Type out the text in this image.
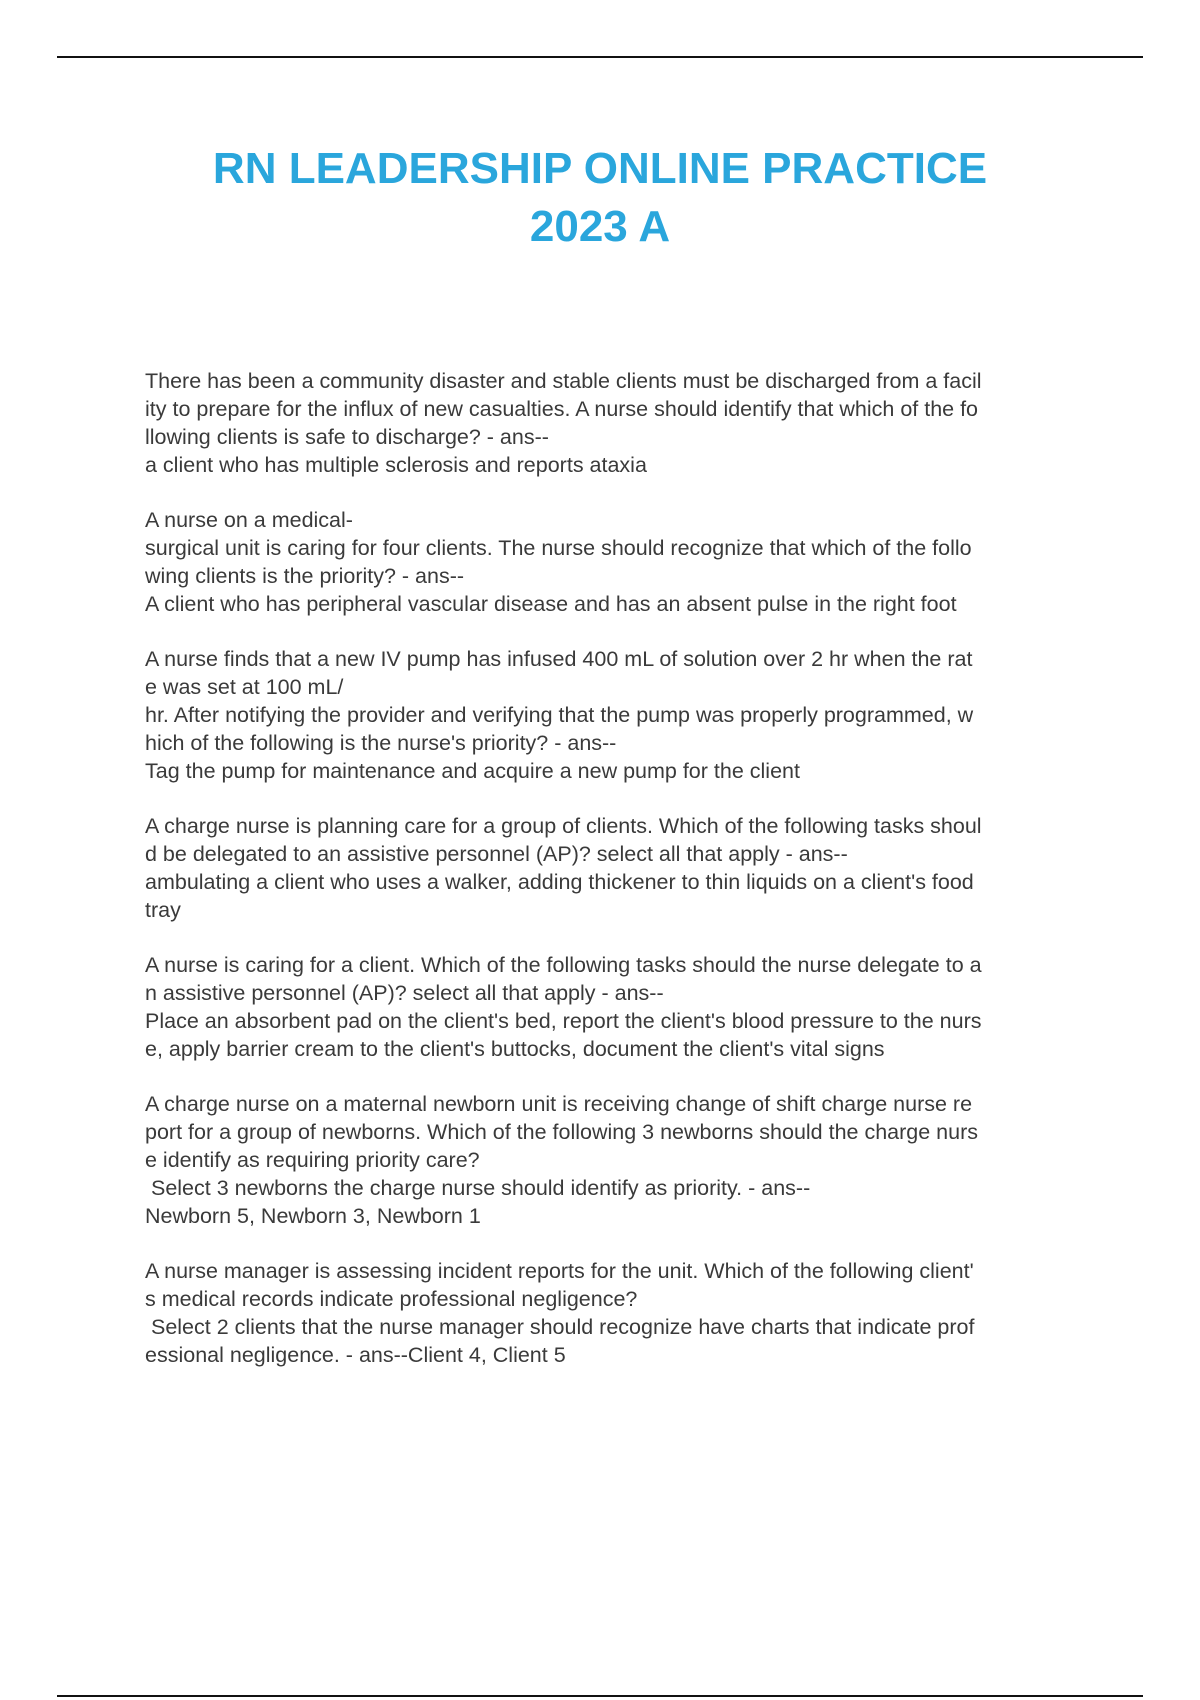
RN LEADERSHIP ONLINE PRACTICE
2023 A
There has been a community disaster and stable clients must be discharged from a facil
ity to prepare for the influx of new casualties. A nurse should identify that which of the fo
llowing clients is safe to discharge? - ans--
a client who has multiple sclerosis and reports ataxia
A nurse on a medical-
surgical unit is caring for four clients. The nurse should recognize that which of the follo
wing clients is the priority? - ans--
A client who has peripheral vascular disease and has an absent pulse in the right foot
A nurse finds that a new IV pump has infused 400 mL of solution over 2 hr when the rat
e was set at 100 mL/
hr. After notifying the provider and verifying that the pump was properly programmed, w
hich of the following is the nurse's priority? - ans--
Tag the pump for maintenance and acquire a new pump for the client
A charge nurse is planning care for a group of clients. Which of the following tasks shoul
d be delegated to an assistive personnel (AP)? select all that apply - ans--
ambulating a client who uses a walker, adding thickener to thin liquids on a client's food
tray
A nurse is caring for a client. Which of the following tasks should the nurse delegate to a
n assistive personnel (AP)? select all that apply - ans--
Place an absorbent pad on the client's bed, report the client's blood pressure to the nurs
e, apply barrier cream to the client's buttocks, document the client's vital signs
A charge nurse on a maternal newborn unit is receiving change of shift charge nurse re
port for a group of newborns. Which of the following 3 newborns should the charge nurs
e identify as requiring priority care?
Select 3 newborns the charge nurse should identify as priority. - ans--
Newborn 5, Newborn 3, Newborn 1
A nurse manager is assessing incident reports for the unit. Which of the following client'
s medical records indicate professional negligence?
Select 2 clients that the nurse manager should recognize have charts that indicate prof
essional negligence. - ans--Client 4, Client 5
